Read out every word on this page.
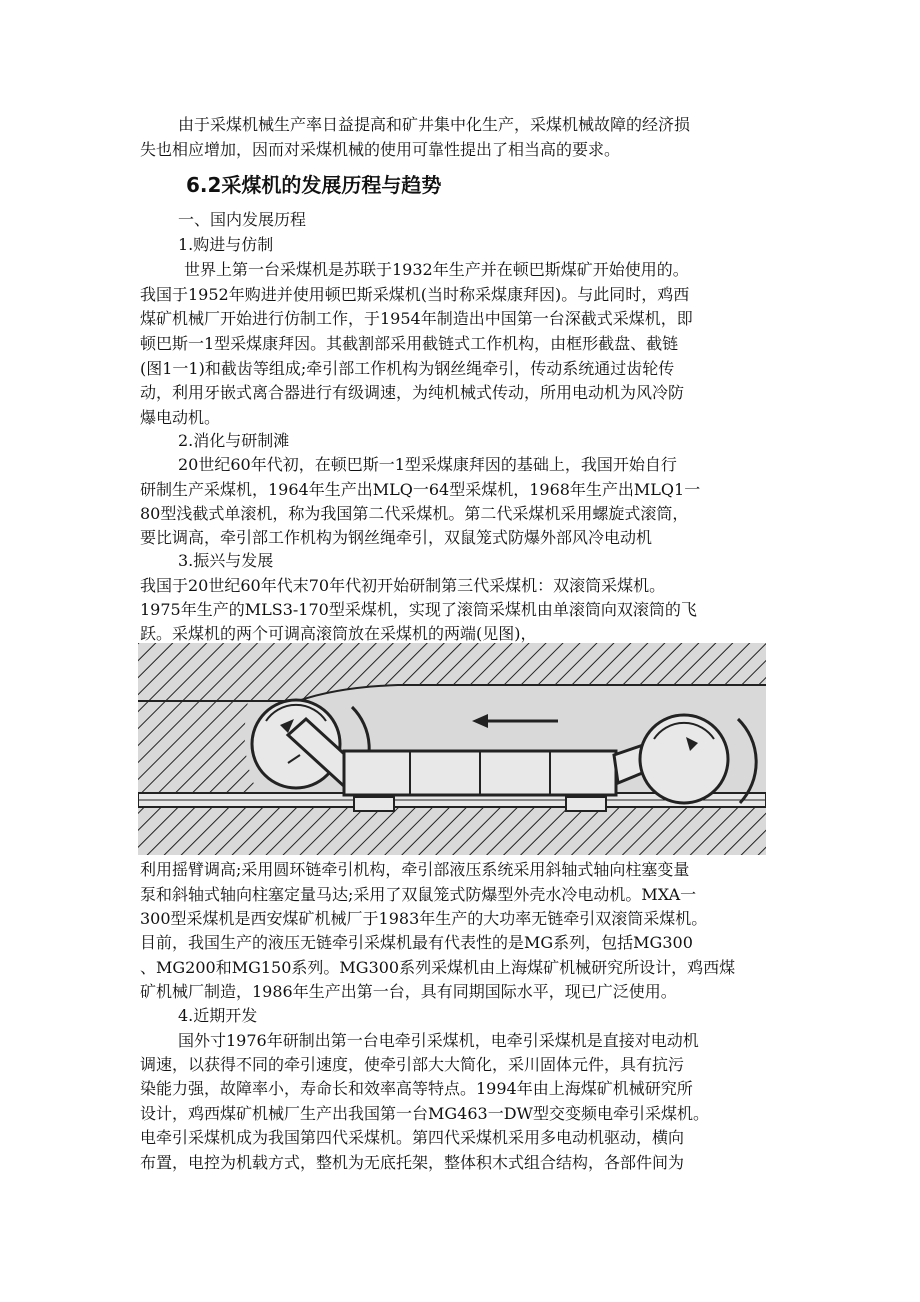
由于采煤机械生产率日益提高和矿井集中化生产，采煤机械故障的经济损

失也相应增加，因而对采煤机械的使用可靠性提出了相当高的要求。

6.2采煤机的发展历程与趋势

一、国内发展历程

1.购进与仿制

世界上第一台采煤机是苏联于1932年生产并在顿巴斯煤矿开始使用的。

我国于1952年购进并使用顿巴斯采煤机(当时称采煤康拜因)。与此同时，鸡西

煤矿机械厂开始进行仿制工作，于1954年制造出中国第一台深截式采煤机，即

顿巴斯一1型采煤康拜因。其截割部采用截链式工作机构，由框形截盘、截链

(图1一1)和截齿等组成;牵引部工作机构为钢丝绳牵引，传动系统通过齿轮传

动，利用牙嵌式离合器进行有级调速，为纯机械式传动，所用电动机为风冷防

爆电动机。

2.消化与研制滩

20世纪60年代初，在顿巴斯一1型采煤康拜因的基础上，我国开始自行

研制生产采煤机，1964年生产出MLQ一64型采煤机，1968年生产出MLQ1一

80型浅截式单滚机，称为我国第二代采煤机。第二代采煤机采用螺旋式滚筒，

要比调高，牵引部工作机构为钢丝绳牵引，双鼠笼式防爆外部风冷电动机

3.振兴与发展

我国于20世纪60年代末70年代初开始研制第三代采煤机：双滚筒采煤机。

1975年生产的MLS3-170型采煤机，实现了滚筒采煤机由单滚筒向双滚筒的飞

跃。采煤机的两个可调高滚筒放在采煤机的两端(见图)，

利用摇臂调高;采用圆环链牵引机构，牵引部液压系统采用斜轴式轴向柱塞变量

泵和斜轴式轴向柱塞定量马达;采用了双鼠笼式防爆型外壳水冷电动机。MXA一

300型采煤机是西安煤矿机械厂于1983年生产的大功率无链牵引双滚筒采煤机。

目前，我国生产的液压无链牵引采煤机最有代表性的是MG系列，包括MG300

、MG200和MG150系列。MG300系列采煤机由上海煤矿机械研究所设计，鸡西煤

矿机械厂制造，1986年生产出第一台，具有同期国际水平，现已广泛使用。

4.近期开发

国外寸1976年研制出第一台电牵引采煤机，电牵引采煤机是直接对电动机

调速，以获得不同的牵引速度，使牵引部大大简化，采川固体元件，具有抗污

染能力强，故障率小，寿命长和效率高等特点。1994年由上海煤矿机械研究所

设计，鸡西煤矿机械厂生产出我国第一台MG463一DW型交变频电牵引采煤机。

电牵引采煤机成为我国第四代采煤机。第四代采煤机采用多电动机驱动，横向

布置，电控为机载方式，整机为无底托架，整体积木式组合结构，各部件间为
